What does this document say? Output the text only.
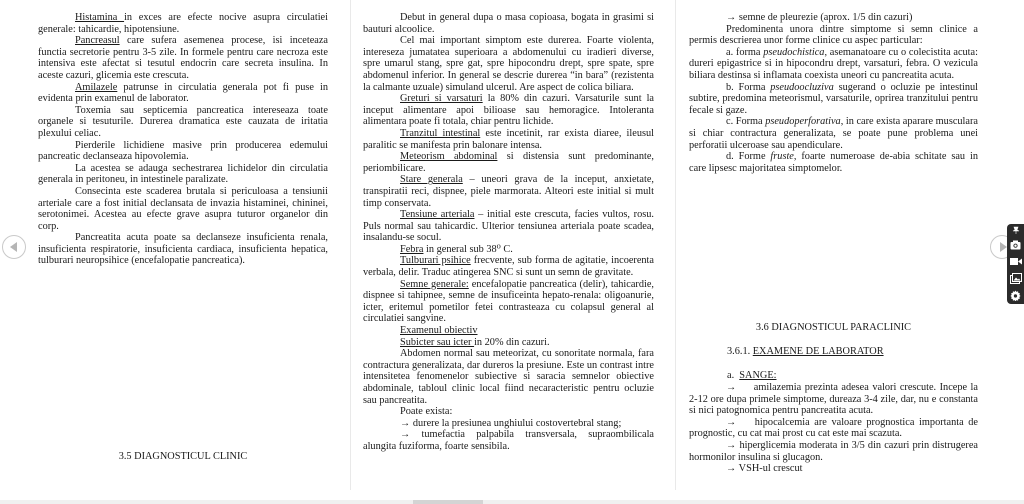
Histamina in exces are efecte nocive asupra circulatiei generale: tahicardie, hipotensiune.

Pancreasul care sufera asemenea procese, isi inceteaza functia secretorie pentru 3-5 zile. In formele pentru care necroza este intensiva este afectat si tesutul endocrin care secreta insulina. In aceste cazuri, glicemia este crescuta.

Amilazele patrunse in circulatia generala pot fi puse in evidenta prin examenul de laborator.

Toxemia sau septicemia pancreatica intereseaza toate organele si tesuturile. Durerea dramatica este cauzata de iritatia plexului celiac.

Pierderile lichidiene masive prin producerea edemului pancreatic declanseaza hipovolemia.

La acestea se adauga sechestrarea lichidelor din circulatia generala in peritoneu, in intestinele paralizate.

Consecinta este scaderea brutala si periculoasa a tensiunii arteriale care a fost initial declansata de invazia histaminei, chininei, serotonimei. Acestea au efecte grave asupra tuturor organelor din corp.

Pancreatita acuta poate sa declanseze insuficienta renala, insuficienta respiratorie, insuficienta cardiaca, insuficienta hepatica, tulburari neuropsihice (encefalopatie pancreatica).

3.5 DIAGNOSTICUL CLINIC

Debut in general dupa o masa copioasa, bogata in grasimi si bauturi alcoolice.

Cel mai important simptom este durerea. Foarte violenta, intereseza jumatatea superioara a abdomenului cu iradieri diverse, spre umarul stang, spre gat, spre hipocondru drept, spre spate, spre abdomenul inferior. In general se descrie durerea “in bara” (rezistenta la calmante uzuale) simuland ulcerul. Are aspect de colica biliara.

Greturi si varsaturi la 80% din cazuri. Varsaturile sunt la inceput alimentare apoi bilioase sau hemoragice. Intoleranta alimentara poate fi totala, chiar pentru lichide.

Tranzitul intestinal este incetinit, rar exista diaree, ileusul paralitic se manifesta prin balonare intensa.

Meteorism abdominal si distensia sunt predominante, periombilicare.

Stare generala – uneori grava de la inceput, anxietate, transpiratii reci, dispnee, piele marmorata. Alteori este initial si mult timp conservata.

Tensiune arteriala – initial este crescuta, facies vultos, rosu. Puls normal sau tahicardic. Ulterior tensiunea arteriala poate scadea, insalandu-se socul.

Febra in general sub 38⁰ C.

Tulburari psihice frecvente, sub forma de agitatie, incoerenta verbala, delir. Traduc atingerea SNC si sunt un semn de gravitate.

Semne generale: encefalopatie pancreatica (delir), tahicardie, dispnee si tahipnee, semne de insuficeinta hepato-renala: oligoanurie, icter, eritemul pometilor fetei contrasteaza cu colapsul general al circulatiei sangvine.

Examenul obiectiv

Subicter sau icter in 20% din cazuri.

Abdomen normal sau meteorizat, cu sonoritate normala, fara contractura generalizata, dar dureros la presiune. Este un contrast intre intensitetea fenomenelor subiective si saracia semnelor obiective abdominale, tabloul clinic local fiind necaracteristic pentru ocluzie sau pancreatita.

Poate exista:

→ durere la presiunea unghiului costovertebral stang;

→ tumefactia palpabila transversala, supraombilicala alungita fuziforma, foarte sensibila.

→ semne de pleurezie (aprox. 1/5 din cazuri)

Predominenta unora dintre simptome si semn clinice a permis descrierea unor forme clinice cu aspec particular:

a. forma pseudochistica, asemanatoare cu o colecistita acuta: dureri epigastrice si in hipocondru drept, varsaturi, febra. O vezicula biliara destinsa si inflamata coexista uneori cu pancreatita acuta.

b. Forma pseudoocluziva sugerand o ocluzie pe intestinul subtire, predomina meteorismul, varsaturile, oprirea tranzitului pentru fecale si gaze.

c. Forma pseudoperforativa, in care exista aparare musculara si chiar contractura generalizata, se poate pune problema unei perforatii ulceroase sau apendiculare.

d. Forme fruste, foarte numeroase de-abia schitate sau in care lipsesc majoritatea simptomelor.

3.6 DIAGNOSTICUL PARACLINIC
3.6.1. EXAMENE DE LABORATOR
a.  SANGE:

→     amilazemia prezinta adesea valori crescute. Incepe la 2-12 ore dupa primele simptome, dureaza 3-4 zile, dar, nu e constanta si nici patognomica pentru pancreatita acuta.

→    hipocalcemia are valoare prognostica importanta de prognostic, cu cat mai prost cu cat este mai scazuta.

→ hiperglicemia moderata in 3/5 din cazuri prin distrugerea hormonilor insulina si glucagon.

→ VSH-ul crescut
